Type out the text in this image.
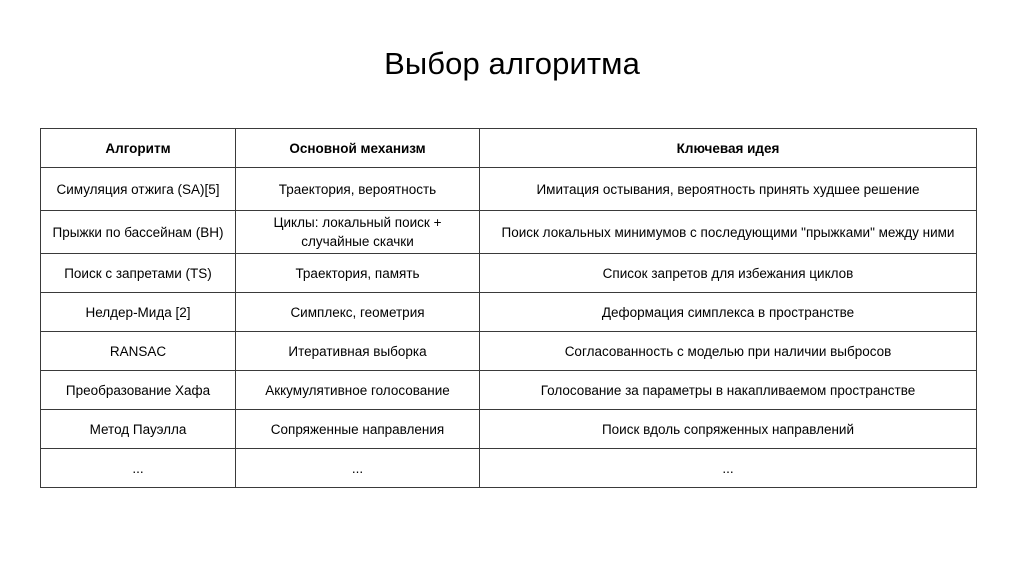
Выбор алгоритма
Алгоритм	Основной механизм	Ключевая идея
Симуляция отжига (SA)[5]	Траектория, вероятность	Имитация остывания, вероятность принять худшее решение
Прыжки по бассейнам (BH)	Циклы: локальный поиск + случайные скачки	Поиск локальных минимумов с последующими "прыжками" между ними
Поиск с запретами (TS)	Траектория, память	Список запретов для избежания циклов
Нелдер-Мида [2]	Симплекс, геометрия	Деформация симплекса в пространстве
RANSAC	Итеративная выборка	Согласованность с моделью при наличии выбросов
Преобразование Хафа	Аккумулятивное голосование	Голосование за параметры в накапливаемом пространстве
Метод Пауэлла	Сопряженные направления	Поиск вдоль сопряженных направлений
...	...	...
